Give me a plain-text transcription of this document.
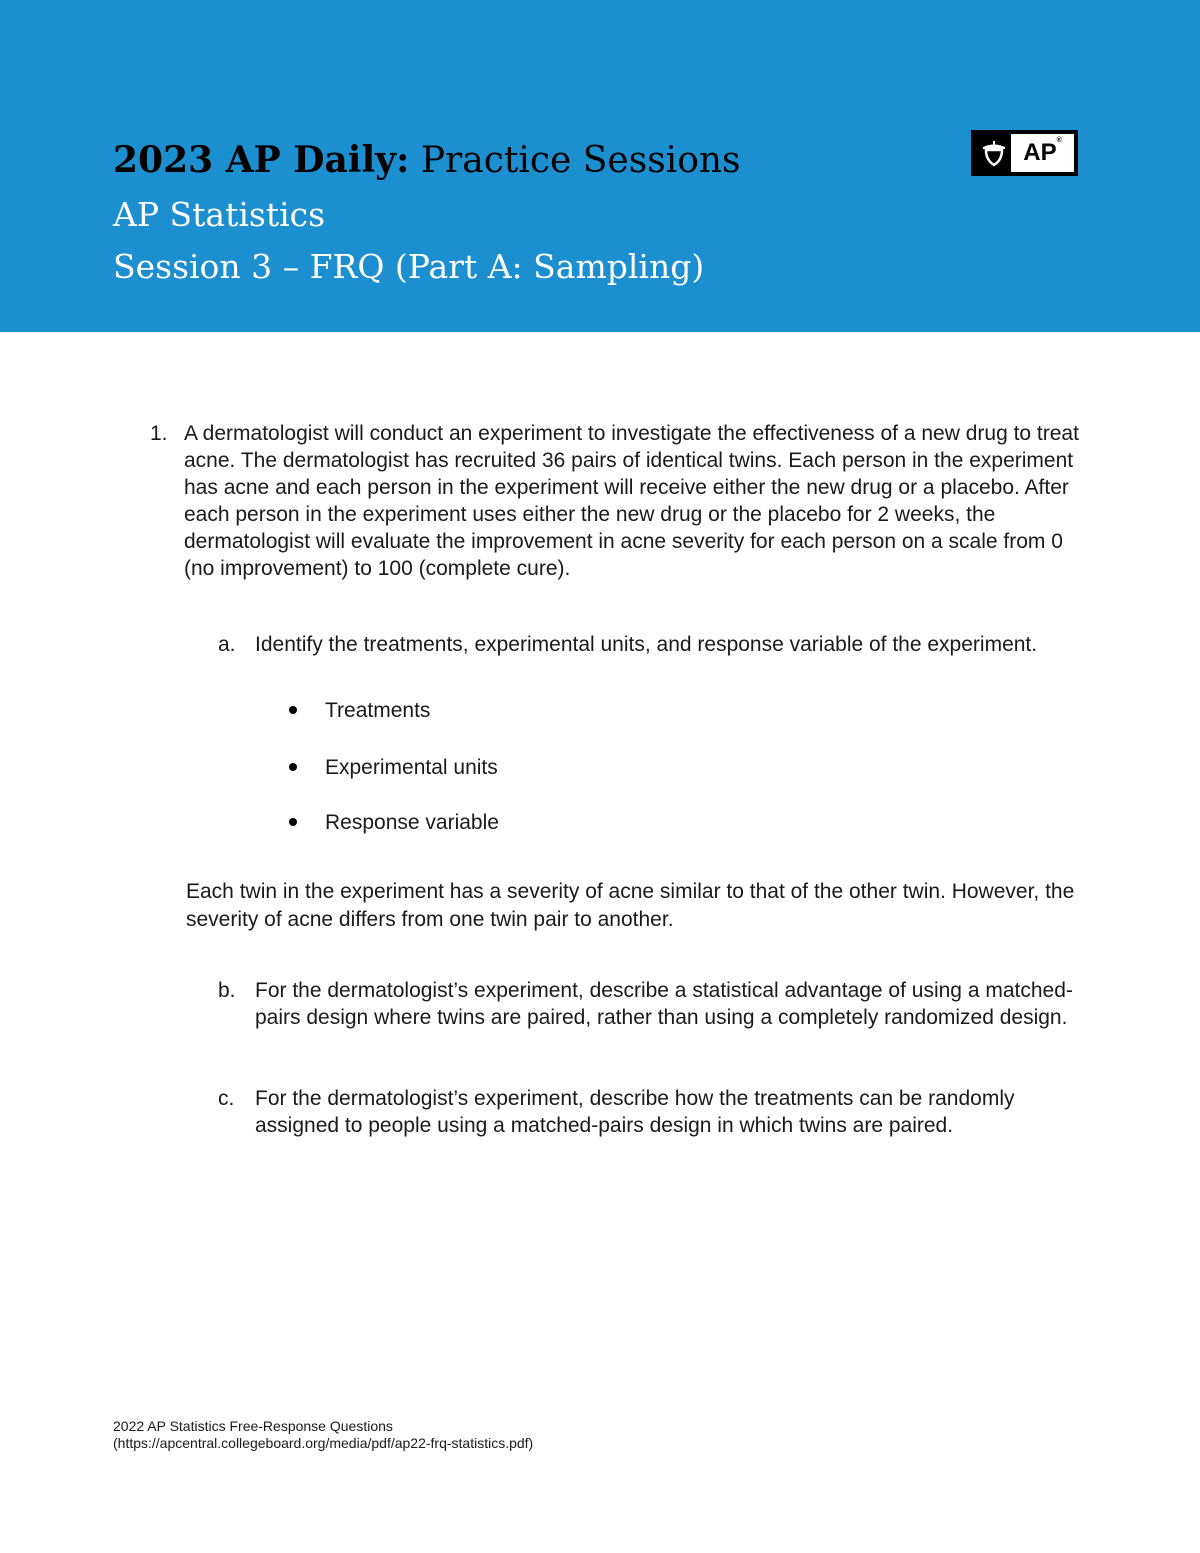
2023 AP Daily: Practice Sessions
AP Statistics
Session 3 – FRQ (Part A: Sampling)
AP®
1. A dermatologist will conduct an experiment to investigate the effectiveness of a new drug to treat acne. The dermatologist has recruited 36 pairs of identical twins. Each person in the experiment has acne and each person in the experiment will receive either the new drug or a placebo. After each person in the experiment uses either the new drug or the placebo for 2 weeks, the dermatologist will evaluate the improvement in acne severity for each person on a scale from 0 (no improvement) to 100 (complete cure).
a. Identify the treatments, experimental units, and response variable of the experiment.
Treatments
Experimental units
Response variable
Each twin in the experiment has a severity of acne similar to that of the other twin. However, the severity of acne differs from one twin pair to another.
b. For the dermatologist’s experiment, describe a statistical advantage of using a matched-pairs design where twins are paired, rather than using a completely randomized design.
c. For the dermatologist’s experiment, describe how the treatments can be randomly assigned to people using a matched-pairs design in which twins are paired.
2022 AP Statistics Free-Response Questions
(https://apcentral.collegeboard.org/media/pdf/ap22-frq-statistics.pdf)
